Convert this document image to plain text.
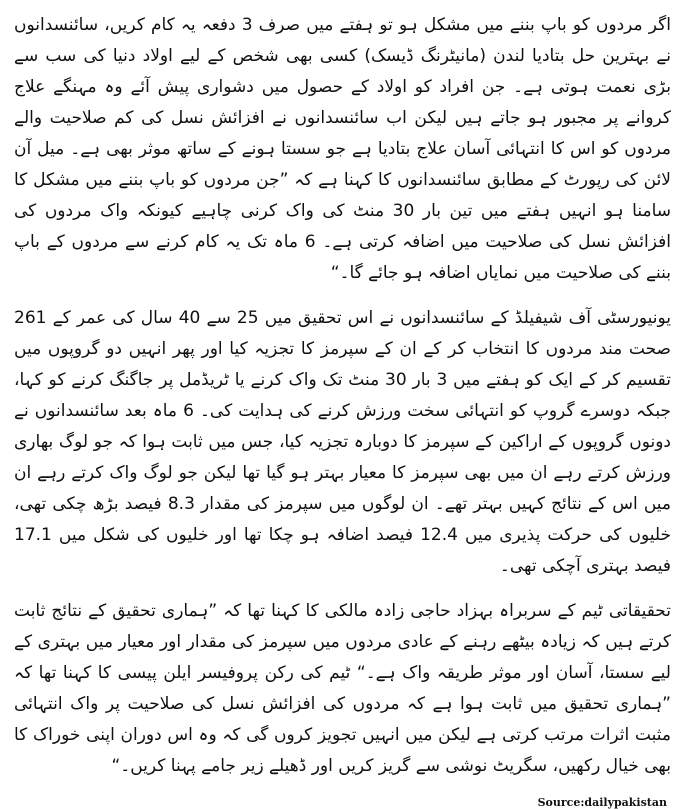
اگر مردوں کو باپ بننے میں مشکل ہو تو ہفتے میں صرف 3 دفعہ یہ کام کریں، سائنسدانوں نے بہترین حل بتادیا لندن (مانیٹرنگ ڈیسک) کسی بھی شخص کے لیے اولاد دنیا کی سب سے بڑی نعمت ہوتی ہے۔ جن افراد کو اولاد کے حصول میں دشواری پیش آئے وہ مہنگے علاج کروانے پر مجبور ہو جاتے ہیں لیکن اب سائنسدانوں نے افزائش نسل کی کم صلاحیت والے مردوں کو اس کا انتہائی آسان علاج بتادیا ہے جو سستا ہونے کے ساتھ موثر بھی ہے۔ میل آن لائن کی رپورٹ کے مطابق سائنسدانوں کا کہنا ہے کہ ”جن مردوں کو باپ بننے میں مشکل کا سامنا ہو انہیں ہفتے میں تین بار 30 منٹ کی واک کرنی چاہیے کیونکہ واک مردوں کی افزائش نسل کی صلاحیت میں اضافہ کرتی ہے۔ 6 ماہ تک یہ کام کرنے سے مردوں کے باپ بننے کی صلاحیت میں نمایاں اضافہ ہو جائے گا۔“

یونیورسٹی آف شیفیلڈ کے سائنسدانوں نے اس تحقیق میں 25 سے 40 سال کی عمر کے 261 صحت مند مردوں کا انتخاب کر کے ان کے سپرمز کا تجزیہ کیا اور پھر انہیں دو گروپوں میں تقسیم کر کے ایک کو ہفتے میں 3 بار 30 منٹ تک واک کرنے یا ٹریڈمل پر جاگنگ کرنے کو کہا، جبکہ دوسرے گروپ کو انتہائی سخت ورزش کرنے کی ہدایت کی۔ 6 ماہ بعد سائنسدانوں نے دونوں گروپوں کے اراکین کے سپرمز کا دوبارہ تجزیہ کیا، جس میں ثابت ہوا کہ جو لوگ بھاری ورزش کرتے رہے ان میں بھی سپرمز کا معیار بہتر ہو گیا تھا لیکن جو لوگ واک کرتے رہے ان میں اس کے نتائج کہیں بہتر تھے۔ ان لوگوں میں سپرمز کی مقدار 8.3 فیصد بڑھ چکی تھی، خلیوں کی حرکت پذیری میں 12.4 فیصد اضافہ ہو چکا تھا اور خلیوں کی شکل میں 17.1 فیصد بہتری آچکی تھی۔

تحقیقاتی ٹیم کے سربراہ بہزاد حاجی زادہ مالکی کا کہنا تھا کہ ”ہماری تحقیق کے نتائج ثابت کرتے ہیں کہ زیادہ بیٹھے رہنے کے عادی مردوں میں سپرمز کی مقدار اور معیار میں بہتری کے لیے سستا، آسان اور موثر طریقہ واک ہے۔“ ٹیم کی رکن پروفیسر ایلن پیسی کا کہنا تھا کہ ”ہماری تحقیق میں ثابت ہوا ہے کہ مردوں کی افزائش نسل کی صلاحیت پر واک انتہائی مثبت اثرات مرتب کرتی ہے لیکن میں انہیں تجویز کروں گی کہ وہ اس دوران اپنی خوراک کا بھی خیال رکھیں، سگریٹ نوشی سے گریز کریں اور ڈھیلے زیر جامے پہنا کریں۔“

Source:dailypakistan
